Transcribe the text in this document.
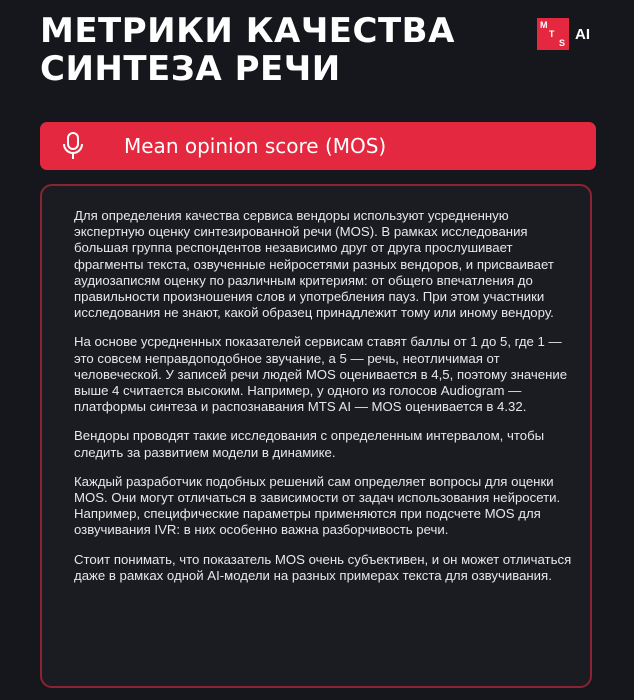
МЕТРИКИ КАЧЕСТВА
СИНТЕЗА РЕЧИ
M
T
S
AI
Mean opinion score (MOS)

Для определения качества сервиса вендоры используют усредненную экспертную оценку синтезированной речи (MOS). В рамках исследования большая группа респондентов независимо друг от друга прослушивает фрагменты текста, озвученные нейросетями разных вендоров, и присваивает аудиозаписям оценку по различным критериям: от общего впечатления до правильности произношения слов и употребления пауз. При этом участники исследования не знают, какой образец принадлежит тому или иному вендору.

На основе усредненных показателей сервисам ставят баллы от 1 до 5, где 1 — это совсем неправдоподобное звучание, а 5 — речь, неотличимая от человеческой. У записей речи людей MOS оценивается в 4,5, поэтому значение выше 4 считается высоким. Например, у одного из голосов Audiogram — платформы синтеза и распознавания MTS AI — MOS оценивается в 4.32.

Вендоры проводят такие исследования с определенным интервалом, чтобы следить за развитием модели в динамике.

Каждый разработчик подобных решений сам определяет вопросы для оценки MOS. Они могут отличаться в зависимости от задач использования нейросети. Например, специфические параметры применяются при подсчете MOS для озвучивания IVR: в них особенно важна разборчивость речи.

Стоит понимать, что показатель MOS очень субъективен, и он может отличаться даже в рамках одной AI-модели на разных примерах текста для озвучивания.
